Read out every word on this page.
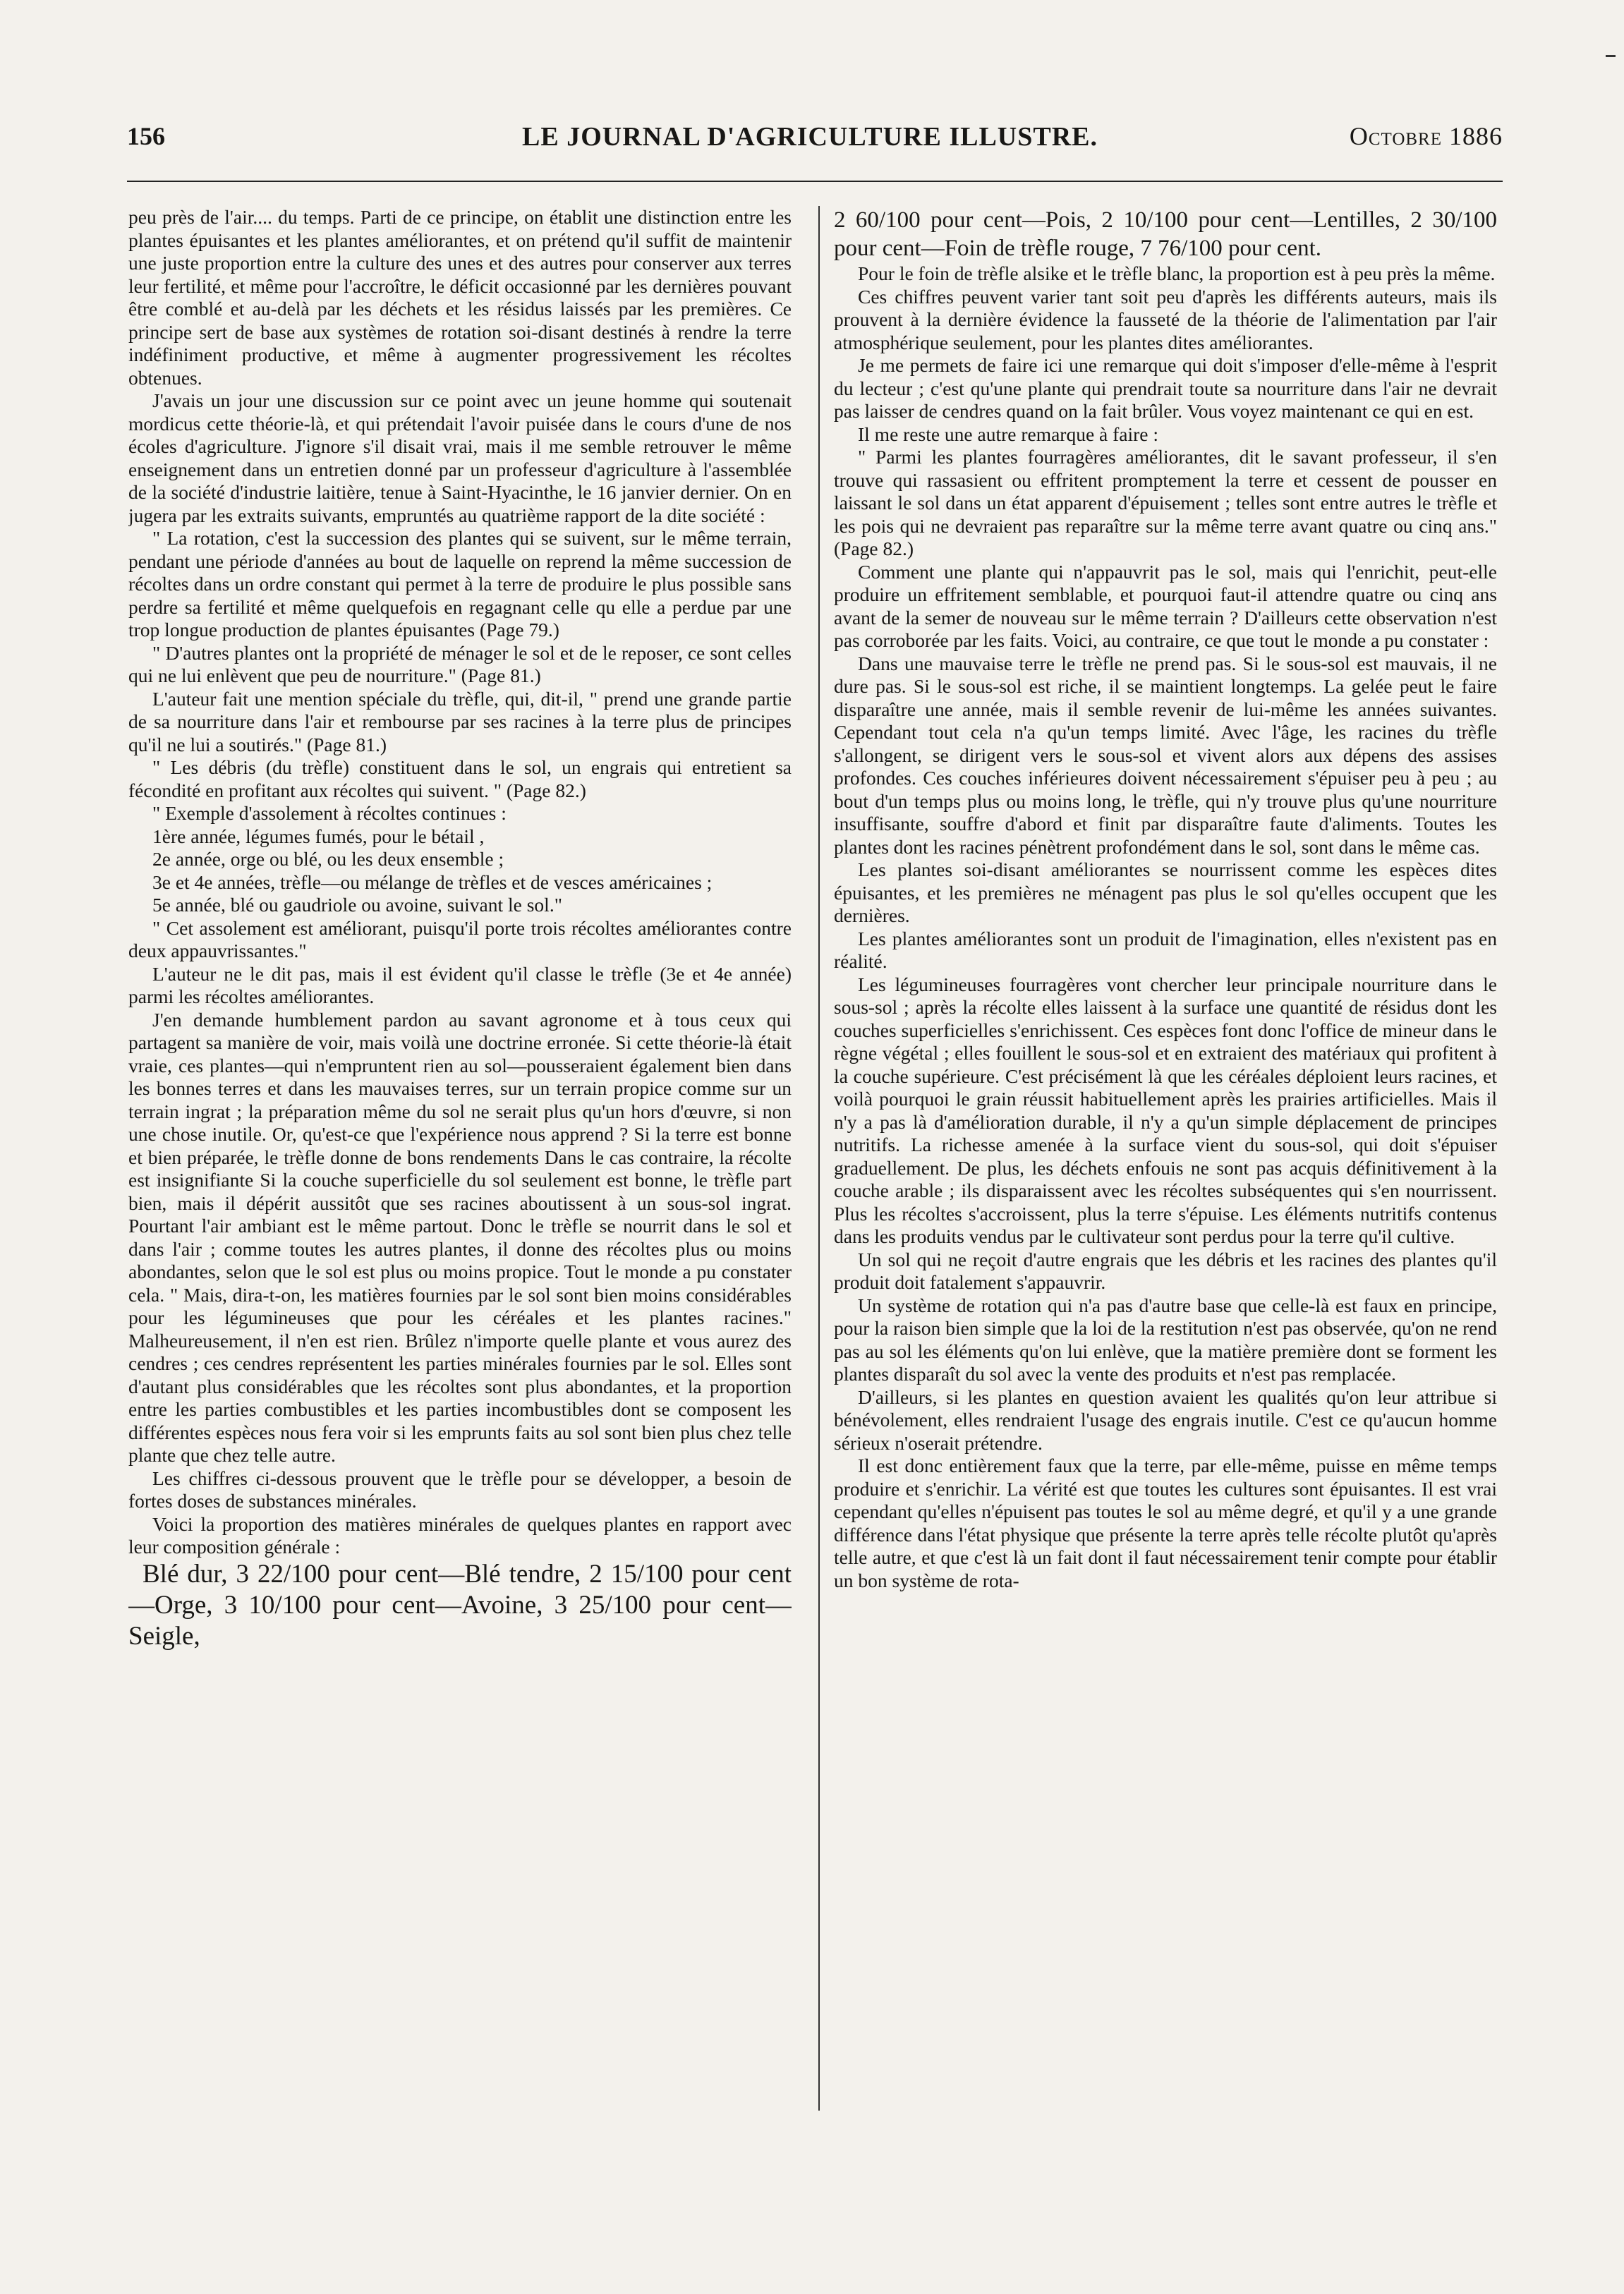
156	LE JOURNAL D'AGRICULTURE ILLUSTRE.	Octobre 1886

peu près de l'air.... du temps. Parti de ce principe, on établit une distinction entre les plantes épuisantes et les plantes améliorantes, et on prétend qu'il suffit de maintenir une juste proportion entre la culture des unes et des autres pour conserver aux terres leur fertilité, et même pour l'accroître, le déficit occasionné par les dernières pouvant être comblé et au-delà par les déchets et les résidus laissés par les premières. Ce principe sert de base aux systèmes de rotation soi-disant destinés à rendre la terre indéfiniment productive, et même à augmenter progressivement les récoltes obtenues.

J'avais un jour une discussion sur ce point avec un jeune homme qui soutenait mordicus cette théorie-là, et qui prétendait l'avoir puisée dans le cours d'une de nos écoles d'agriculture. J'ignore s'il disait vrai, mais il me semble retrouver le même enseignement dans un entretien donné par un professeur d'agriculture à l'assemblée de la société d'industrie laitière, tenue à Saint-Hyacinthe, le 16 janvier dernier. On en jugera par les extraits suivants, empruntés au quatrième rapport de la dite société :

" La rotation, c'est la succession des plantes qui se suivent, sur le même terrain, pendant une période d'années au bout de laquelle on reprend la même succession de récoltes dans un ordre constant qui permet à la terre de produire le plus possible sans perdre sa fertilité et même quelquefois en regagnant celle qu elle a perdue par une trop longue production de plantes épuisantes (Page 79.)

" D'autres plantes ont la propriété de ménager le sol et de le reposer, ce sont celles qui ne lui enlèvent que peu de nourriture." (Page 81.)

L'auteur fait une mention spéciale du trèfle, qui, dit-il, " prend une grande partie de sa nourriture dans l'air et rembourse par ses racines à la terre plus de principes qu'il ne lui a soutirés." (Page 81.)

" Les débris (du trèfle) constituent dans le sol, un engrais qui entretient sa fécondité en profitant aux récoltes qui suivent. " (Page 82.)

" Exemple d'assolement à récoltes continues :

1ère année, légumes fumés, pour le bétail ,

2e année, orge ou blé, ou les deux ensemble ;

3e et 4e années, trèfle—ou mélange de trèfles et de vesces américaines ;

5e année, blé ou gaudriole ou avoine, suivant le sol."

" Cet assolement est améliorant, puisqu'il porte trois récoltes améliorantes contre deux appauvrissantes."

L'auteur ne le dit pas, mais il est évident qu'il classe le trèfle (3e et 4e année) parmi les récoltes améliorantes.

J'en demande humblement pardon au savant agronome et à tous ceux qui partagent sa manière de voir, mais voilà une doctrine erronée. Si cette théorie-là était vraie, ces plantes—qui n'empruntent rien au sol—pousseraient également bien dans les bonnes terres et dans les mauvaises terres, sur un terrain propice comme sur un terrain ingrat ; la préparation même du sol ne serait plus qu'un hors d'œuvre, si non une chose inutile. Or, qu'est-ce que l'expérience nous apprend ? Si la terre est bonne et bien préparée, le trèfle donne de bons rendements Dans le cas contraire, la récolte est insignifiante Si la couche superficielle du sol seulement est bonne, le trèfle part bien, mais il dépérit aussitôt que ses racines aboutissent à un sous-sol ingrat. Pourtant l'air ambiant est le même partout. Donc le trèfle se nourrit dans le sol et dans l'air ; comme toutes les autres plantes, il donne des récoltes plus ou moins abondantes, selon que le sol est plus ou moins propice. Tout le monde a pu constater cela. " Mais, dira-t-on, les matières fournies par le sol sont bien moins considérables pour les légumineuses que pour les céréales et les plantes racines." Malheureusement, il n'en est rien. Brûlez n'importe quelle plante et vous aurez des cendres ; ces cendres représentent les parties minérales fournies par le sol. Elles sont d'autant plus considérables que les récoltes sont plus abondantes, et la proportion entre les parties combustibles et les parties incombustibles dont se composent les différentes espèces nous fera voir si les emprunts faits au sol sont bien plus chez telle plante que chez telle autre.

Les chiffres ci-dessous prouvent que le trèfle pour se développer, a besoin de fortes doses de substances minérales.

Voici la proportion des matières minérales de quelques plantes en rapport avec leur composition générale :

Blé dur, 3 22/100 pour cent—Blé tendre, 2 15/100 pour cent—Orge, 3 10/100 pour cent—Avoine, 3 25/100 pour cent—Seigle,

2 60/100 pour cent—Pois, 2 10/100 pour cent—Lentilles, 2 30/100 pour cent—Foin de trèfle rouge, 7 76/100 pour cent.

Pour le foin de trèfle alsike et le trèfle blanc, la proportion est à peu près la même.

Ces chiffres peuvent varier tant soit peu d'après les différents auteurs, mais ils prouvent à la dernière évidence la fausseté de la théorie de l'alimentation par l'air atmosphérique seulement, pour les plantes dites améliorantes.

Je me permets de faire ici une remarque qui doit s'imposer d'elle-même à l'esprit du lecteur ; c'est qu'une plante qui prendrait toute sa nourriture dans l'air ne devrait pas laisser de cendres quand on la fait brûler. Vous voyez maintenant ce qui en est.

Il me reste une autre remarque à faire :

" Parmi les plantes fourragères améliorantes, dit le savant professeur, il s'en trouve qui rassasient ou effritent promptement la terre et cessent de pousser en laissant le sol dans un état apparent d'épuisement ; telles sont entre autres le trèfle et les pois qui ne devraient pas reparaître sur la même terre avant quatre ou cinq ans." (Page 82.)

Comment une plante qui n'appauvrit pas le sol, mais qui l'enrichit, peut-elle produire un effritement semblable, et pourquoi faut-il attendre quatre ou cinq ans avant de la semer de nouveau sur le même terrain ? D'ailleurs cette observation n'est pas corroborée par les faits. Voici, au contraire, ce que tout le monde a pu constater :

Dans une mauvaise terre le trèfle ne prend pas. Si le sous-sol est mauvais, il ne dure pas. Si le sous-sol est riche, il se maintient longtemps. La gelée peut le faire disparaître une année, mais il semble revenir de lui-même les années suivantes. Cependant tout cela n'a qu'un temps limité. Avec l'âge, les racines du trèfle s'allongent, se dirigent vers le sous-sol et vivent alors aux dépens des assises profondes. Ces couches inférieures doivent nécessairement s'épuiser peu à peu ; au bout d'un temps plus ou moins long, le trèfle, qui n'y trouve plus qu'une nourriture insuffisante, souffre d'abord et finit par disparaître faute d'aliments. Toutes les plantes dont les racines pénètrent profondément dans le sol, sont dans le même cas.

Les plantes soi-disant améliorantes se nourrissent comme les espèces dites épuisantes, et les premières ne ménagent pas plus le sol qu'elles occupent que les dernières.

Les plantes améliorantes sont un produit de l'imagination, elles n'existent pas en réalité.

Les légumineuses fourragères vont chercher leur principale nourriture dans le sous-sol ; après la récolte elles laissent à la surface une quantité de résidus dont les couches superficielles s'enrichissent. Ces espèces font donc l'office de mineur dans le règne végétal ; elles fouillent le sous-sol et en extraient des matériaux qui profitent à la couche supérieure. C'est précisément là que les céréales déploient leurs racines, et voilà pourquoi le grain réussit habituellement après les prairies artificielles. Mais il n'y a pas là d'amélioration durable, il n'y a qu'un simple déplacement de principes nutritifs. La richesse amenée à la surface vient du sous-sol, qui doit s'épuiser graduellement. De plus, les déchets enfouis ne sont pas acquis définitivement à la couche arable ; ils disparaissent avec les récoltes subséquentes qui s'en nourrissent. Plus les récoltes s'accroissent, plus la terre s'épuise. Les éléments nutritifs contenus dans les produits vendus par le cultivateur sont perdus pour la terre qu'il cultive.

Un sol qui ne reçoit d'autre engrais que les débris et les racines des plantes qu'il produit doit fatalement s'appauvrir.

Un système de rotation qui n'a pas d'autre base que celle-là est faux en principe, pour la raison bien simple que la loi de la restitution n'est pas observée, qu'on ne rend pas au sol les éléments qu'on lui enlève, que la matière première dont se forment les plantes disparaît du sol avec la vente des produits et n'est pas remplacée.

D'ailleurs, si les plantes en question avaient les qualités qu'on leur attribue si bénévolement, elles rendraient l'usage des engrais inutile. C'est ce qu'aucun homme sérieux n'oserait prétendre.

Il est donc entièrement faux que la terre, par elle-même, puisse en même temps produire et s'enrichir. La vérité est que toutes les cultures sont épuisantes. Il est vrai cependant qu'elles n'épuisent pas toutes le sol au même degré, et qu'il y a une grande différence dans l'état physique que présente la terre après telle récolte plutôt qu'après telle autre, et que c'est là un fait dont il faut nécessairement tenir compte pour établir un bon système de rota-
